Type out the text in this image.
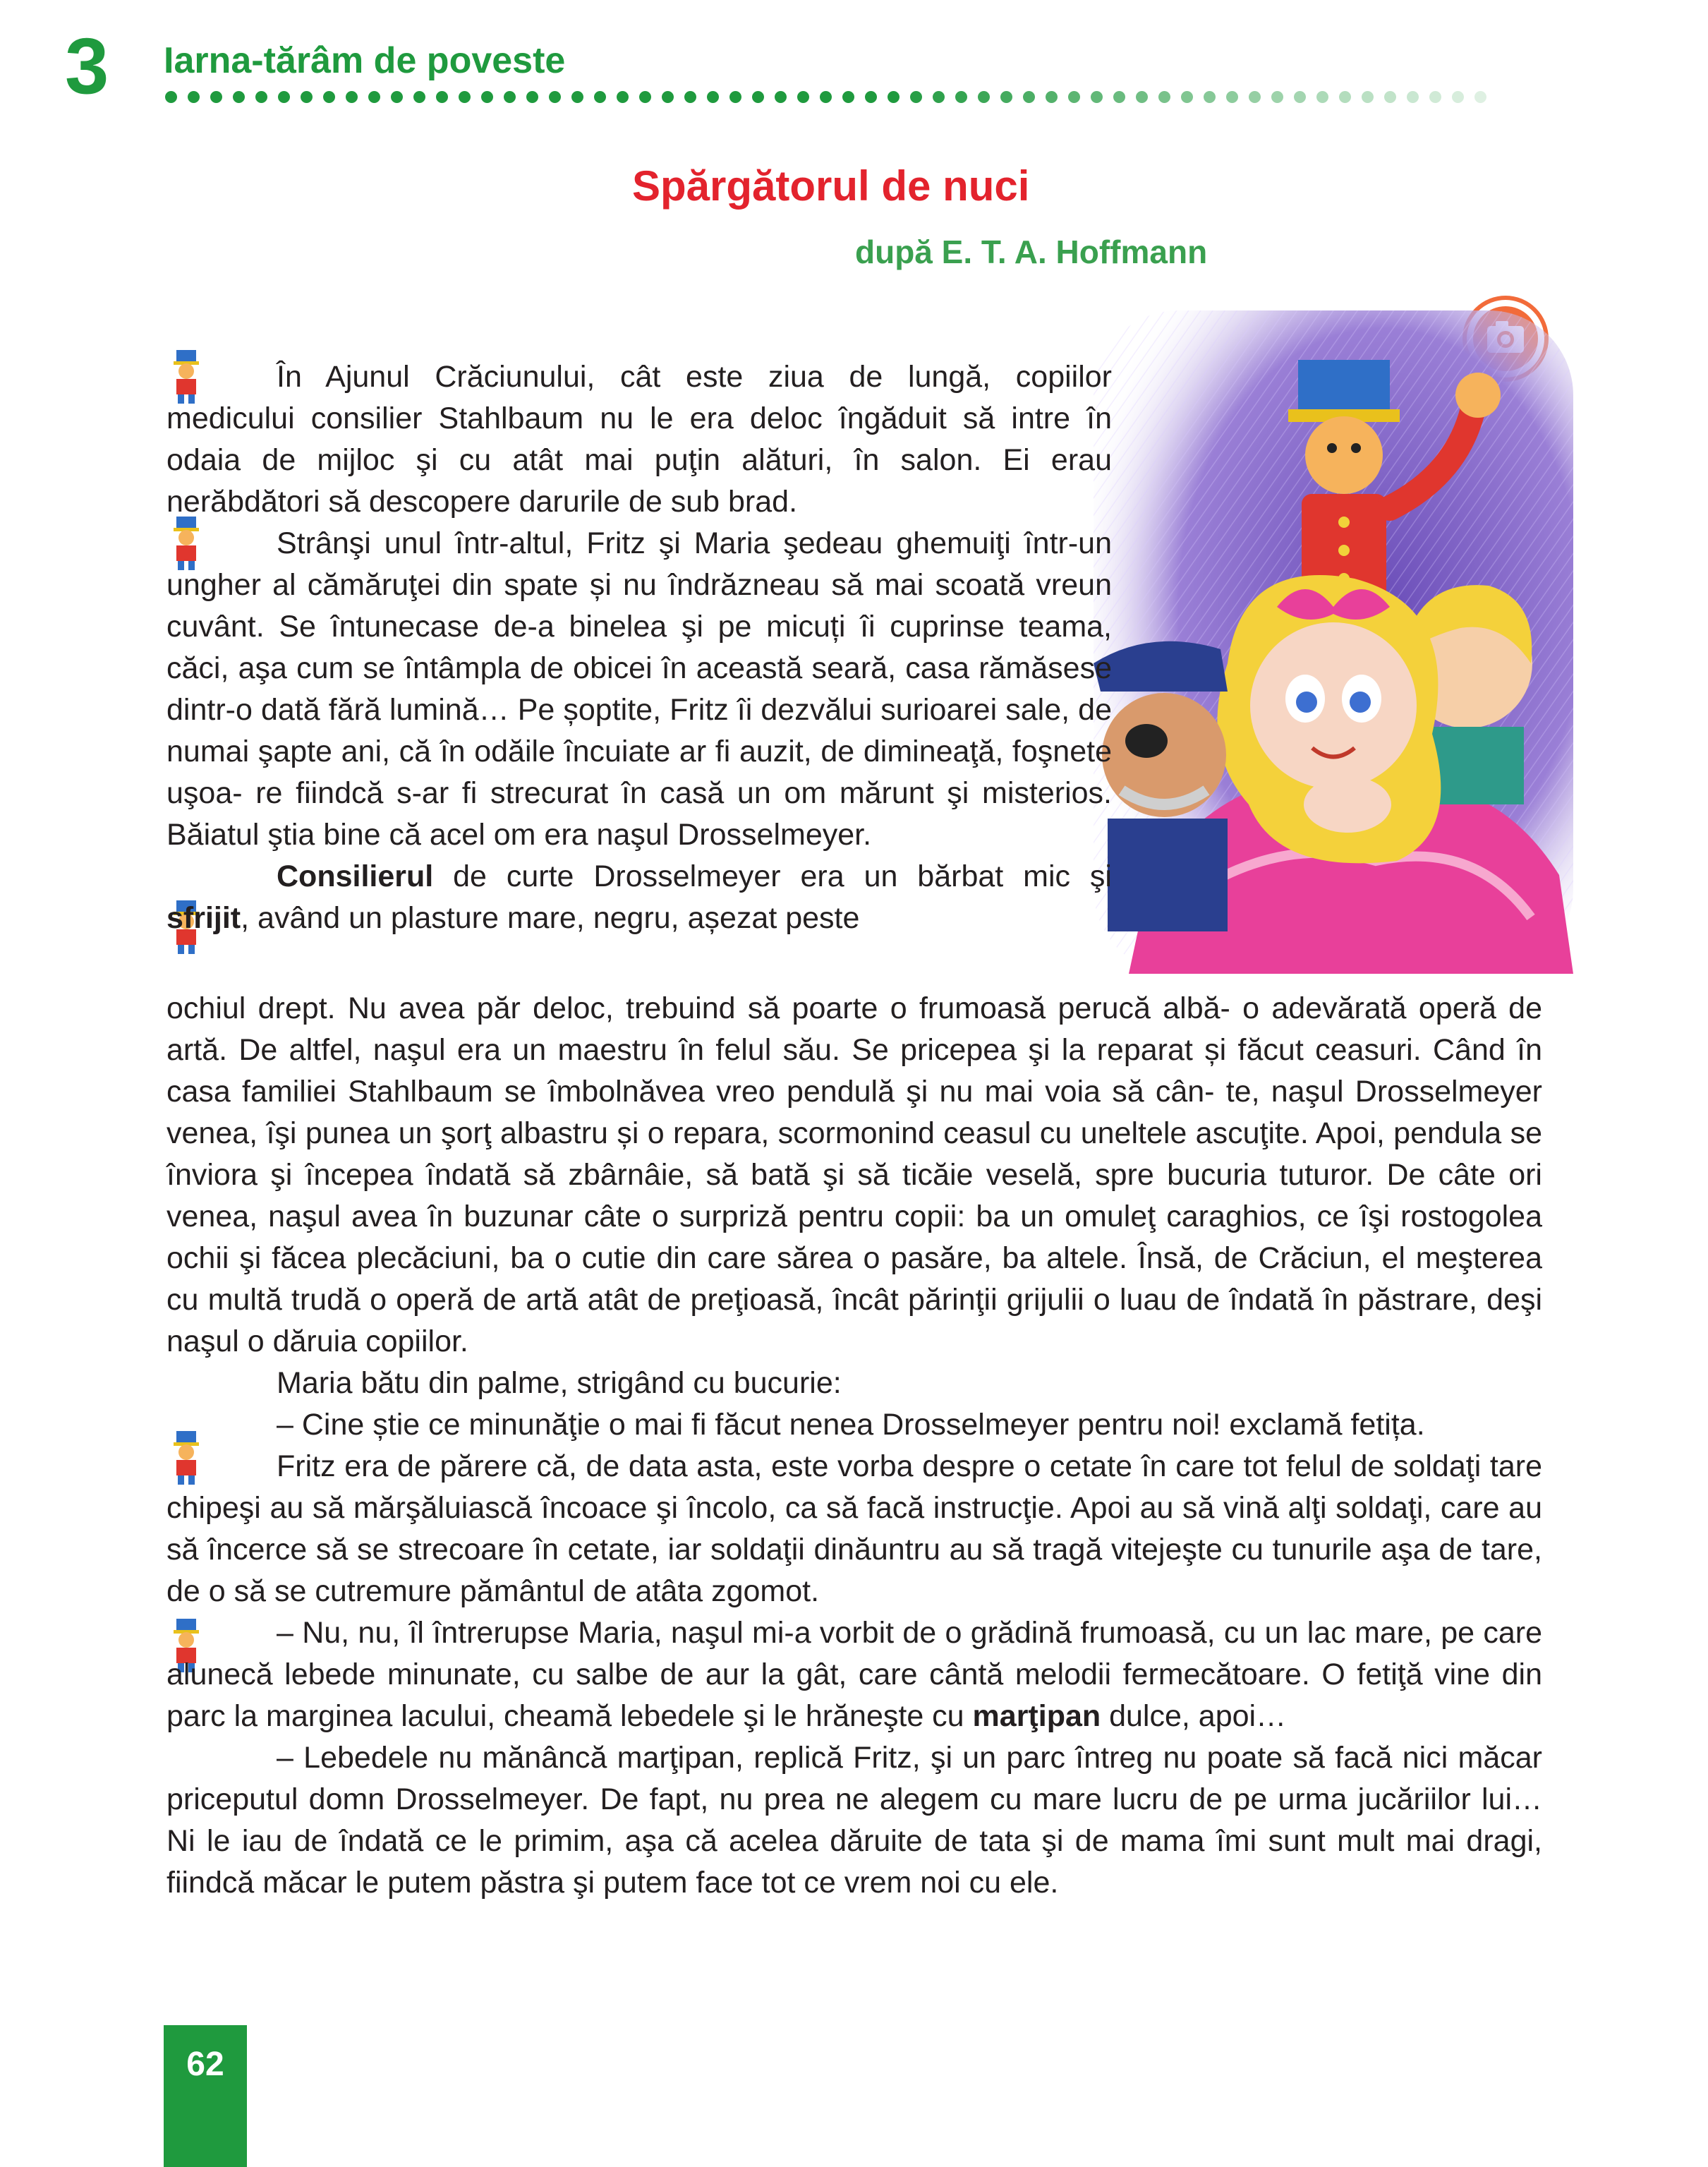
3 Iarna-tărâm de poveste
Spărgătorul de nuci
după E. T. A. Hoffmann

În Ajunul Crăciunului, cât este ziua de lungă, copiilor medicului consilier Stahlbaum nu le era deloc îngăduit să intre în odaia de mijloc şi cu atât mai puţin alături, în salon. Ei erau nerăbdători să descopere darurile de sub brad.

Strânşi unul într-altul, Fritz şi Maria şedeau ghemuiţi într-un ungher al cămăruţei din spate și nu îndrăzneau să mai scoată vreun cuvânt. Se întunecase de-a binelea şi pe micuți îi cuprinse teama, căci, aşa cum se întâmpla de obicei în această seară, casa rămăsese dintr-o dată fără lumină… Pe șoptite, Fritz îi dezvălui surioarei sale, de numai şapte ani, că în odăile încuiate ar fi auzit, de dimineaţă, foşnete uşoa- re fiindcă s-ar fi strecurat în casă un om mărunt şi misterios. Băiatul ştia bine că acel om era naşul Drosselmeyer.

Consilierul de curte Drosselmeyer era un bărbat mic şi sfrijit, având un plasture mare, negru, așezat peste

ochiul drept. Nu avea păr deloc, trebuind să poarte o frumoasă perucă albă- o adevărată operă de artă. De altfel, naşul era un maestru în felul său. Se pricepea şi la reparat și făcut ceasuri. Când în casa familiei Stahlbaum se îmbolnăvea vreo pendulă şi nu mai voia să cân- te, naşul Drosselmeyer venea, îşi punea un şorţ albastru și o repara, scormonind ceasul cu uneltele ascuţite. Apoi, pendula se înviora şi începea îndată să zbârnâie, să bată şi să ticăie veselă, spre bucuria tuturor. De câte ori venea, naşul avea în buzunar câte o surpriză pentru copii: ba un omuleţ caraghios, ce îşi rostogolea ochii şi făcea plecăciuni, ba o cutie din care sărea o pasăre, ba altele. Însă, de Crăciun, el meşterea cu multă trudă o operă de artă atât de preţioasă, încât părinţii grijulii o luau de îndată în păstrare, deşi naşul o dăruia copiilor.

Maria bătu din palme, strigând cu bucurie:

– Cine știe ce minunăţie o mai fi făcut nenea Drosselmeyer pentru noi! exclamă fetița.

Fritz era de părere că, de data asta, este vorba despre o cetate în care tot felul de soldaţi tare chipeşi au să mărşăluiască încoace şi încolo, ca să facă instrucţie. Apoi au să vină alţi soldaţi, care au să încerce să se strecoare în cetate, iar soldaţii dinăuntru au să tragă vitejeşte cu tunurile aşa de tare, de o să se cutremure pământul de atâta zgomot.

– Nu, nu, îl întrerupse Maria, naşul mi-a vorbit de o grădină frumoasă, cu un lac mare, pe care alunecă lebede minunate, cu salbe de aur la gât, care cântă melodii fermecătoare. O fetiţă vine din parc la marginea lacului, cheamă lebedele şi le hrăneşte cu marţipan dulce, apoi…

– Lebedele nu mănâncă marţipan, replică Fritz, şi un parc întreg nu poate să facă nici măcar priceputul domn Drosselmeyer. De fapt, nu prea ne alegem cu mare lucru de pe urma jucăriilor lui… Ni le iau de îndată ce le primim, aşa că acelea dăruite de tata şi de mama îmi sunt mult mai dragi, fiindcă măcar le putem păstra şi putem face tot ce vrem noi cu ele.

62
